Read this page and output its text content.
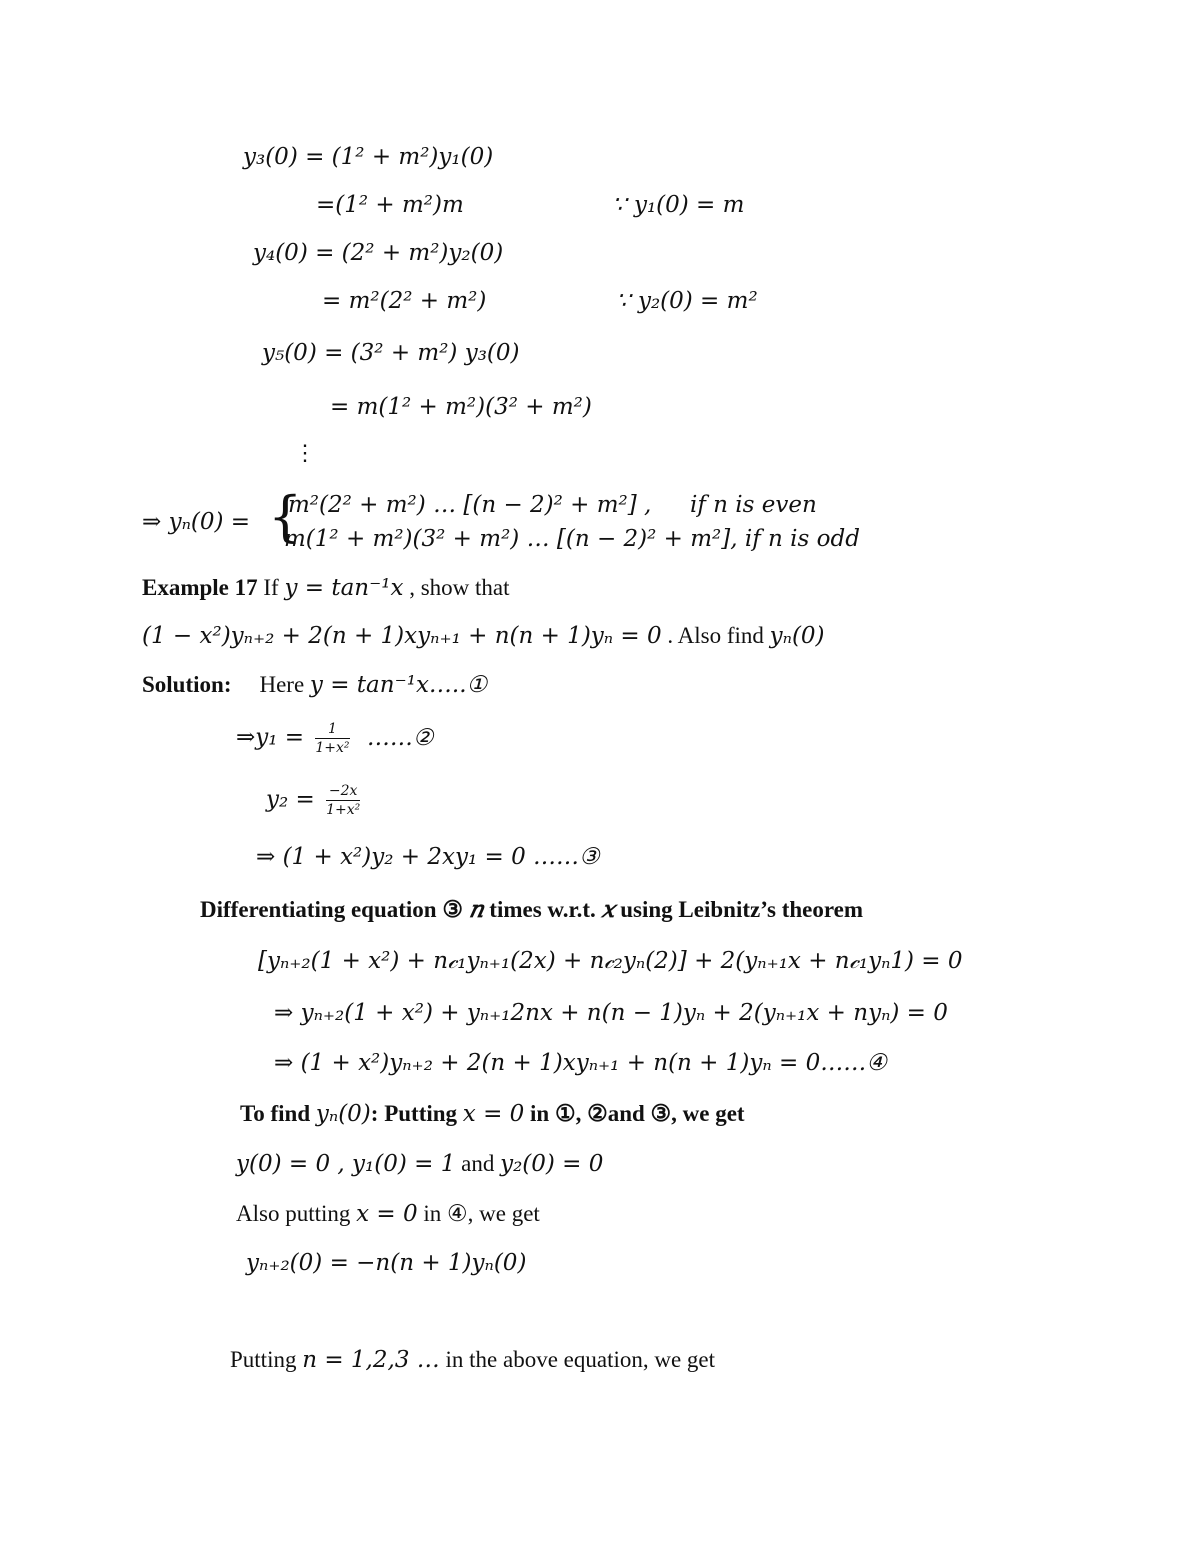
𝑦₃(0) = (1² + 𝑚²)𝑦₁(0)
=(1² + 𝑚²)𝑚	∵ 𝑦₁(0) = 𝑚
𝑦₄(0) = (2² + 𝑚²)𝑦₂(0)
= 𝑚²(2² + 𝑚²)	∵ 𝑦₂(0) = 𝑚²
𝑦₅(0) = (3² + 𝑚²) 𝑦₃(0)
= 𝑚(1² + 𝑚²)(3² + 𝑚²)
⋮
⇒ 𝑦ₙ(0) = {
𝑚²(2² + 𝑚²) … [(𝑛 − 2)² + 𝑚²] , 𝑖𝑓 𝑛 𝑖𝑠 𝑒𝑣𝑒𝑛
𝑚(1² + 𝑚²)(3² + 𝑚²) … [(𝑛 − 2)² + 𝑚²], 𝑖𝑓 𝑛 𝑖𝑠 𝑜𝑑𝑑
Example 17 If 𝑦 = 𝑡𝑎𝑛⁻¹𝑥 , show that
(1 − 𝑥²)𝑦ₙ₊₂ + 2(𝑛 + 1)𝑥𝑦ₙ₊₁ + 𝑛(𝑛 + 1)𝑦ₙ = 0 . Also find 𝑦ₙ(0)
Solution: Here 𝑦 = 𝑡𝑎𝑛⁻¹𝑥…..①
⇒𝑦₁ = $\frac{1}{\text{1+𝑥²}}$ ……②
𝑦₂ = $\frac{\text{−2𝑥}}{\text{1+𝑥²}}$
⇒ (1 + 𝑥²)𝑦₂ + 2𝑥𝑦₁ = 0 ……③
Differentiating equation ③ 𝑛 times w.r.t. 𝑥 using Leibnitz’s theorem
[𝑦ₙ₊₂(1 + 𝑥²) + 𝑛𝒸₁𝑦ₙ₊₁(2𝑥) + 𝑛𝒸₂𝑦ₙ(2)] + 2(𝑦ₙ₊₁𝑥 + 𝑛𝒸₁𝑦ₙ1) = 0
⇒ 𝑦ₙ₊₂(1 + 𝑥²) + 𝑦ₙ₊₁2𝑛𝑥 + 𝑛(𝑛 − 1)𝑦ₙ + 2(𝑦ₙ₊₁𝑥 + 𝑛𝑦ₙ) = 0
⇒ (1 + 𝑥²)𝑦ₙ₊₂ + 2(𝑛 + 1)𝑥𝑦ₙ₊₁ + 𝑛(𝑛 + 1)𝑦ₙ = 0……④
To find 𝑦ₙ(0): Putting 𝑥 = 0 in ①, ②and ③, we get
𝑦(0) = 0 , 𝑦₁(0) = 1 and 𝑦₂(0) = 0
Also putting 𝑥 = 0 in ④, we get
𝑦ₙ₊₂(0) = −𝑛(𝑛 + 1)𝑦ₙ(0)
Putting 𝑛 = 1,2,3 … in the above equation, we get
